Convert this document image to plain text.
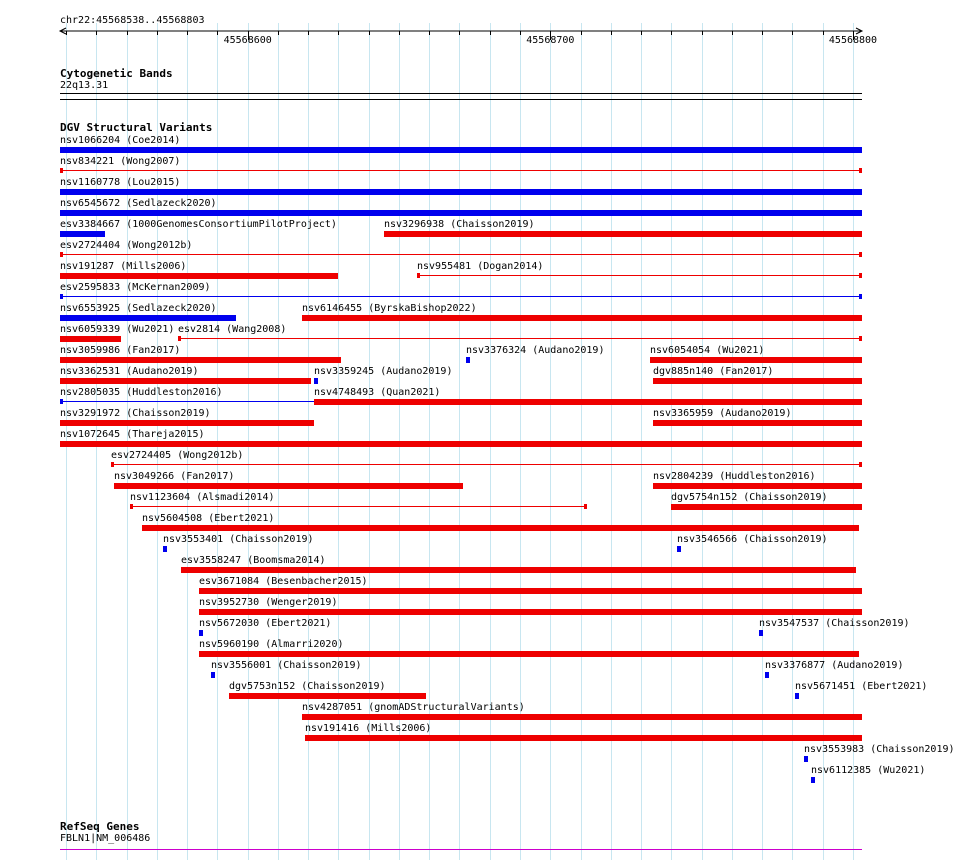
chr22:45568538..45568803
45568600	45568700	45568800
Cytogenetic Bands
22q13.31
DGV Structural Variants
nsv1066204 (Coe2014)
nsv834221 (Wong2007)
nsv1160778 (Lou2015)
nsv6545672 (Sedlazeck2020)
esv3384667 (1000GenomesConsortiumPilotProject)	nsv3296938 (Chaisson2019)
esv2724404 (Wong2012b)
nsv191287 (Mills2006)	nsv955481 (Dogan2014)
esv2595833 (McKernan2009)
nsv6553925 (Sedlazeck2020)	nsv6146455 (ByrskaBishop2022)
nsv6059339 (Wu2021) esv2814 (Wang2008)
nsv3059986 (Fan2017)	nsv3376324 (Audano2019)	nsv6054054 (Wu2021)
nsv3362531 (Audano2019)	nsv3359245 (Audano2019)	dgv885n140 (Fan2017)
nsv2805035 (Huddleston2016)	nsv4748493 (Quan2021)
nsv3291972 (Chaisson2019)	nsv3365959 (Audano2019)
nsv1072645 (Thareja2015)
esv2724405 (Wong2012b)
nsv3049266 (Fan2017)	nsv2804239 (Huddleston2016)
nsv1123604 (Alsmadi2014)	dgv5754n152 (Chaisson2019)
nsv5604508 (Ebert2021)
nsv3553401 (Chaisson2019)	nsv3546566 (Chaisson2019)
esv3558247 (Boomsma2014)
esv3671084 (Besenbacher2015)
nsv3952730 (Wenger2019)
nsv5672030 (Ebert2021)	nsv3547537 (Chaisson2019)
nsv5960190 (Almarri2020)
nsv3556001 (Chaisson2019)	nsv3376877 (Audano2019)
dgv5753n152 (Chaisson2019)	nsv5671451 (Ebert2021)
nsv4287051 (gnomADStructuralVariants)
nsv191416 (Mills2006)
nsv3553983 (Chaisson2019)
nsv6112385 (Wu2021)
RefSeq Genes
FBLN1|NM_006486
